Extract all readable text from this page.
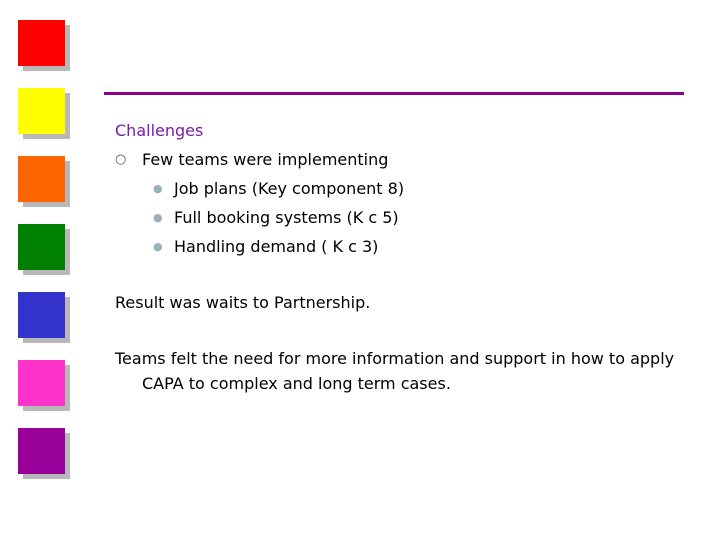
Challenges
○ Few teams were implementing
● Job plans (Key component 8)
● Full booking systems (K c 5)
● Handling demand ( K c 3)
Result was waits to Partnership.
Teams felt the need for more information and support in how to apply CAPA to complex and long term cases.
